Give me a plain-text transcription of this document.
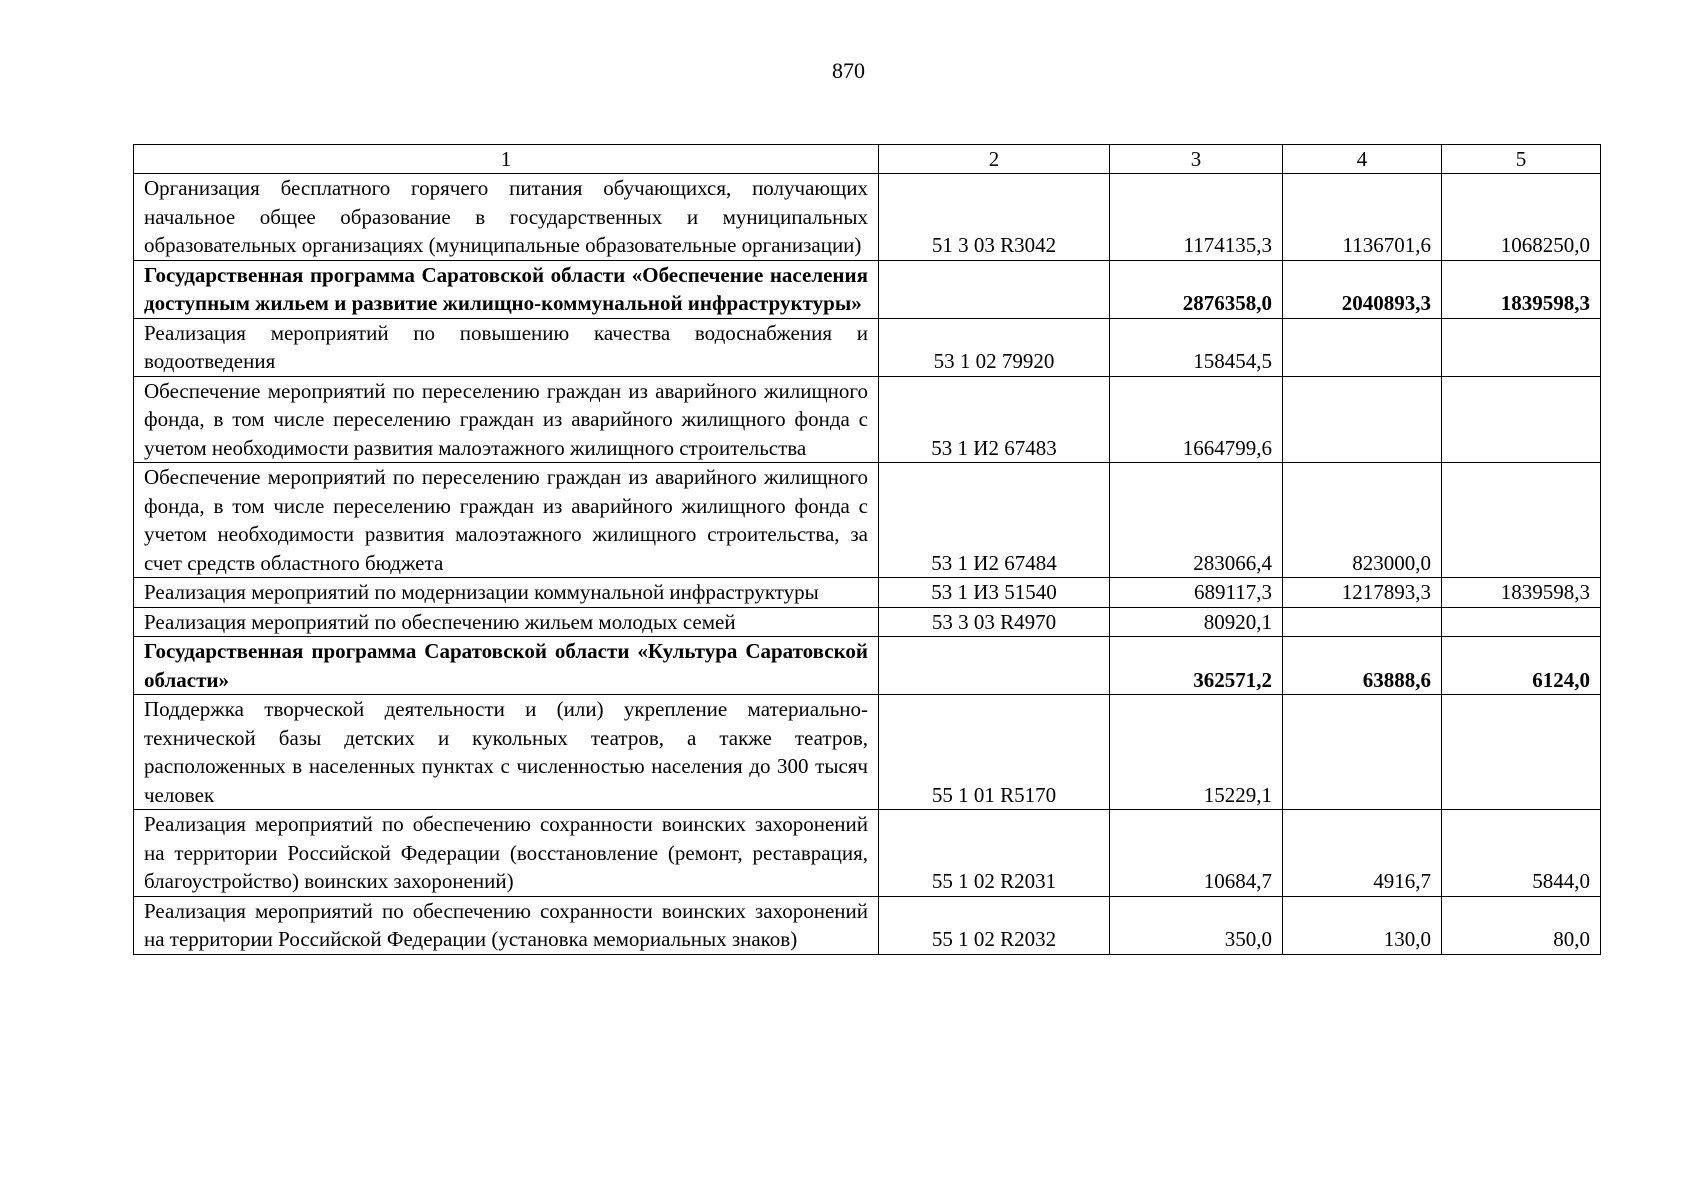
870
1	2	3	4	5
Организация бесплатного горячего питания обучающихся, получающих начальное общее образование в государственных и муниципальных образовательных организациях (муниципальные образовательные организации)	51 3 03 R3042	1174135,3	1136701,6	1068250,0
Государственная программа Саратовской области «Обеспечение населения доступным жильем и развитие жилищно-коммунальной инфраструктуры»		2876358,0	2040893,3	1839598,3
Реализация мероприятий по повышению качества водоснабжения и водоотведения	53 1 02 79920	158454,5		
Обеспечение мероприятий по переселению граждан из аварийного жилищного фонда, в том числе переселению граждан из аварийного жилищного фонда с учетом необходимости развития малоэтажного жилищного строительства	53 1 И2 67483	1664799,6		
Обеспечение мероприятий по переселению граждан из аварийного жилищного фонда, в том числе переселению граждан из аварийного жилищного фонда с учетом необходимости развития малоэтажного жилищного строительства, за счет средств областного бюджета	53 1 И2 67484	283066,4	823000,0	
Реализация мероприятий по модернизации коммунальной инфраструктуры	53 1 И3 51540	689117,3	1217893,3	1839598,3
Реализация мероприятий по обеспечению жильем молодых семей	53 3 03 R4970	80920,1		
Государственная программа Саратовской области «Культура Саратовской области»		362571,2	63888,6	6124,0
Поддержка творческой деятельности и (или) укрепление материально-технической базы детских и кукольных театров, а также театров, расположенных в населенных пунктах с численностью населения до 300 тысяч человек	55 1 01 R5170	15229,1		
Реализация мероприятий по обеспечению сохранности воинских захоронений на территории Российской Федерации (восстановление (ремонт, реставрация, благоустройство) воинских захоронений)	55 1 02 R2031	10684,7	4916,7	5844,0
Реализация мероприятий по обеспечению сохранности воинских захоронений на территории Российской Федерации (установка мемориальных знаков)	55 1 02 R2032	350,0	130,0	80,0
